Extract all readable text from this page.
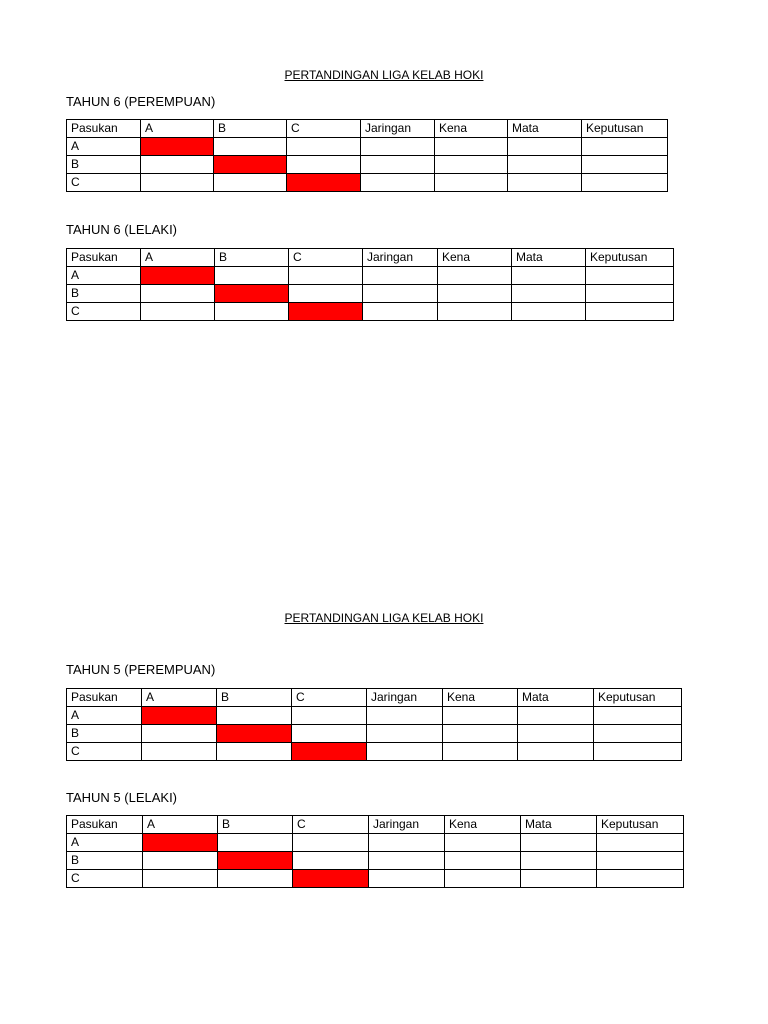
PERTANDINGAN LIGA KELAB HOKI
TAHUN 6 (PEREMPUAN)
Pasukan	A	B	C	Jaringan	Kena	Mata	Keputusan
A							
B							
C							
TAHUN 6 (LELAKI)
Pasukan	A	B	C	Jaringan	Kena	Mata	Keputusan
A							
B							
C							
PERTANDINGAN LIGA KELAB HOKI
TAHUN 5 (PEREMPUAN)
Pasukan	A	B	C	Jaringan	Kena	Mata	Keputusan
A							
B							
C							
TAHUN 5 (LELAKI)
Pasukan	A	B	C	Jaringan	Kena	Mata	Keputusan
A							
B							
C							
